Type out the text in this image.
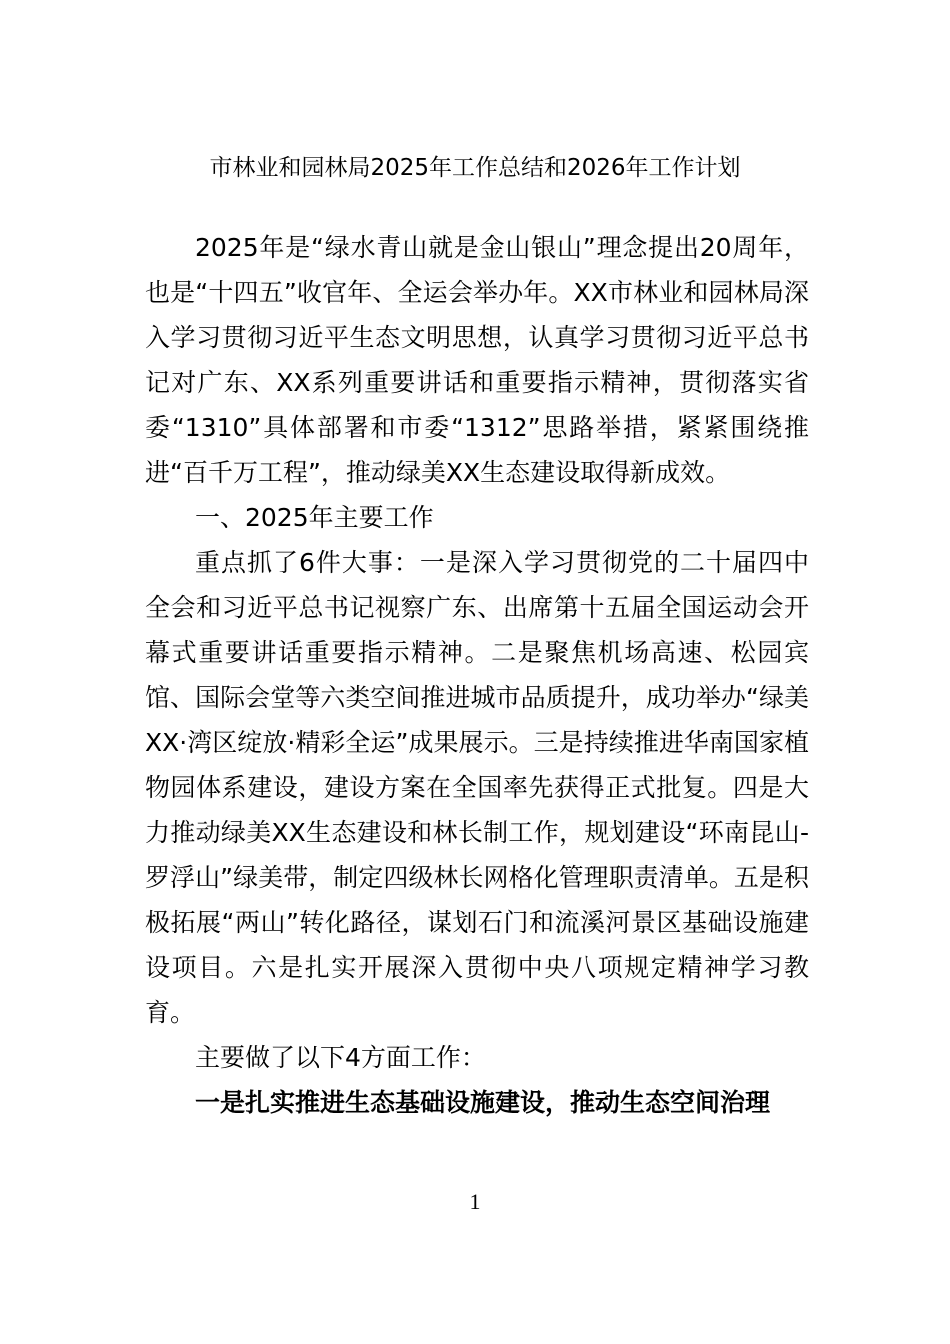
市林业和园林局2025年工作总结和2026年工作计划

2025年是“绿水青山就是金山银山”理念提出20周年，也是“十四五”收官年、全运会举办年。XX市林业和园林局深入学习贯彻习近平生态文明思想，认真学习贯彻习近平总书记对广东、XX系列重要讲话和重要指示精神，贯彻落实省委“1310”具体部署和市委“1312”思路举措，紧紧围绕推进“百千万工程”，推动绿美XX生态建设取得新成效。

一、2025年主要工作

重点抓了6件大事：一是深入学习贯彻党的二十届四中全会和习近平总书记视察广东、出席第十五届全国运动会开幕式重要讲话重要指示精神。二是聚焦机场高速、松园宾馆、国际会堂等六类空间推进城市品质提升，成功举办“绿美XX·湾区绽放·精彩全运”成果展示。三是持续推进华南国家植物园体系建设，建设方案在全国率先获得正式批复。四是大力推动绿美XX生态建设和林长制工作，规划建设“环南昆山-罗浮山”绿美带，制定四级林长网格化管理职责清单。五是积极拓展“两山”转化路径，谋划石门和流溪河景区基础设施建设项目。六是扎实开展深入贯彻中央八项规定精神学习教育。

主要做了以下4方面工作：

一是扎实推进生态基础设施建设，推动生态空间治理

1
